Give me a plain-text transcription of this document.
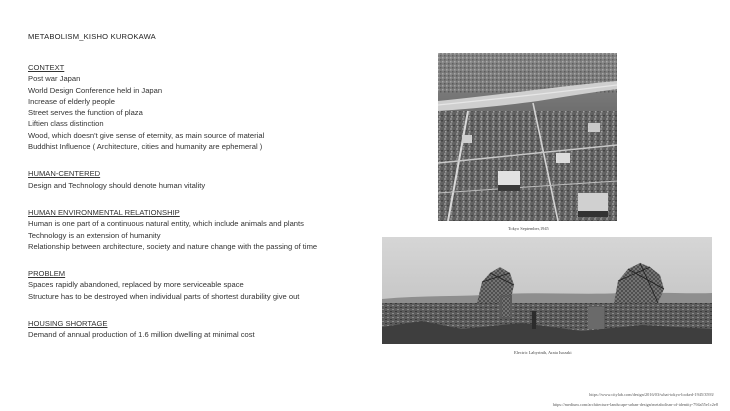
METABOLISM_KISHO KUROKAWA
CONTEXT
Post war Japan
World Design Conference held in Japan
Increase of elderly people
Street serves the function of plaza
Liftien class distinction
Wood, which doesn't give sense of eternity, as main source of material
Buddhist Influence ( Architecture, cities and humanity are ephemeral )
HUMAN-CENTERED
Design and Technology should denote human vitality
HUMAN ENVIRONMENTAL RELATIONSHIP
Human is one part of a continuous natural entity, which include animals and plants
Technology is an extension of humanity
Relationship between architecture, society and nature change with the passing of time
PROBLEM
Spaces rapidly abandoned, replaced by more serviceable space
Structure has to be destroyed when individual parts of shortest durability give out
HOUSING SHORTAGE
Demand of annual production of 1.6 million dwelling at minimal cost
Tokyo September,1945
Electric Labyrinth, Arata Isozaki
https://www.citylab.com/design/2016/03/what-tokyo-looked-1945/3593/
https://medium.com/architecture-landscape-urban-design/metabolism-of-identity-794a55e1c2e8
